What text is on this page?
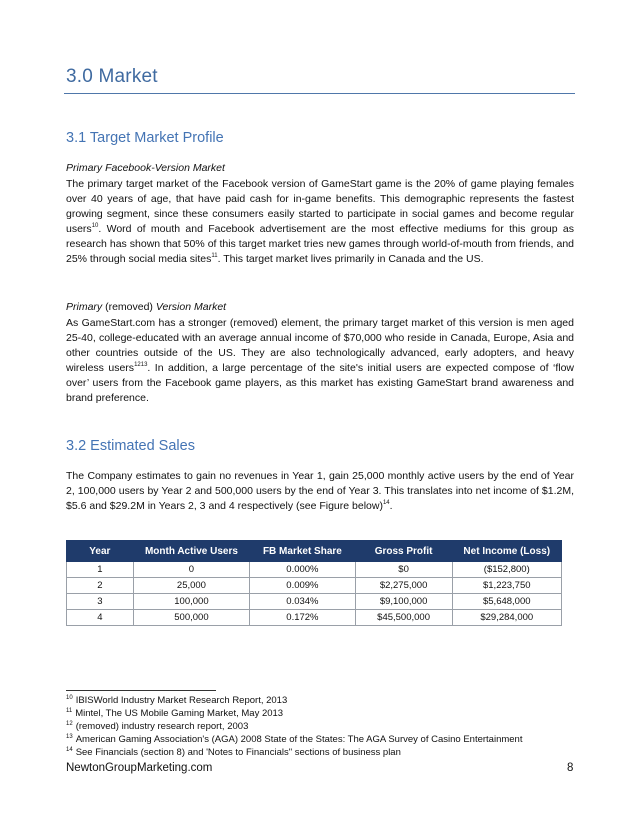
3.0 Market
3.1 Target Market Profile
Primary Facebook-Version Market

The primary target market of the Facebook version of GameStart game is the 20% of game playing females over 40 years of age, that have paid cash for in-game benefits. This demographic represents the fastest growing segment, since these consumers easily started to participate in social games and become regular users$^{10}$. Word of mouth and Facebook advertisement are the most effective mediums for this group as research has shown that 50% of this target market tries new games through world-of-mouth from friends, and 25% through social media sites$^{11}$. This target market lives primarily in Canada and the US.

Primary (removed) Version Market

As GameStart.com has a stronger (removed) element, the primary target market of this version is men aged 25-40, college-educated with an average annual income of $70,000 who reside in Canada, Europe, Asia and other countries outside of the US. They are also technologically advanced, early adopters, and heavy wireless users$^{1213}$. In addition, a large percentage of the site's initial users are expected compose of ‘flow over’ users from the Facebook game players, as this market has existing GameStart brand awareness and brand preference.

3.2 Estimated Sales

The Company estimates to gain no revenues in Year 1, gain 25,000 monthly active users by the end of Year 2, 100,000 users by Year 2 and 500,000 users by the end of Year 3. This translates into net income of $1.2M, $5.6 and $29.2M in Years 2, 3 and 4 respectively (see Figure below)$^{14}$.

Year	Month Active Users	FB Market Share	Gross Profit	Net Income (Loss)
1	0	0.000%	$0	($152,800)
2	25,000	0.009%	$2,275,000	$1,223,750
3	100,000	0.034%	$9,100,000	$5,648,000
4	500,000	0.172%	$45,500,000	$29,284,000
$^{10}$ IBISWorld Industry Market Research Report, 2013
$^{11}$ Mintel, The US Mobile Gaming Market, May 2013
$^{12}$ (removed) industry research report, 2003
$^{13}$ American Gaming Association's (AGA) 2008 State of the States: The AGA Survey of Casino Entertainment
$^{14}$ See Financials (section 8) and 'Notes to Financials" sections of business plan
NewtonGroupMarketing.com	8
